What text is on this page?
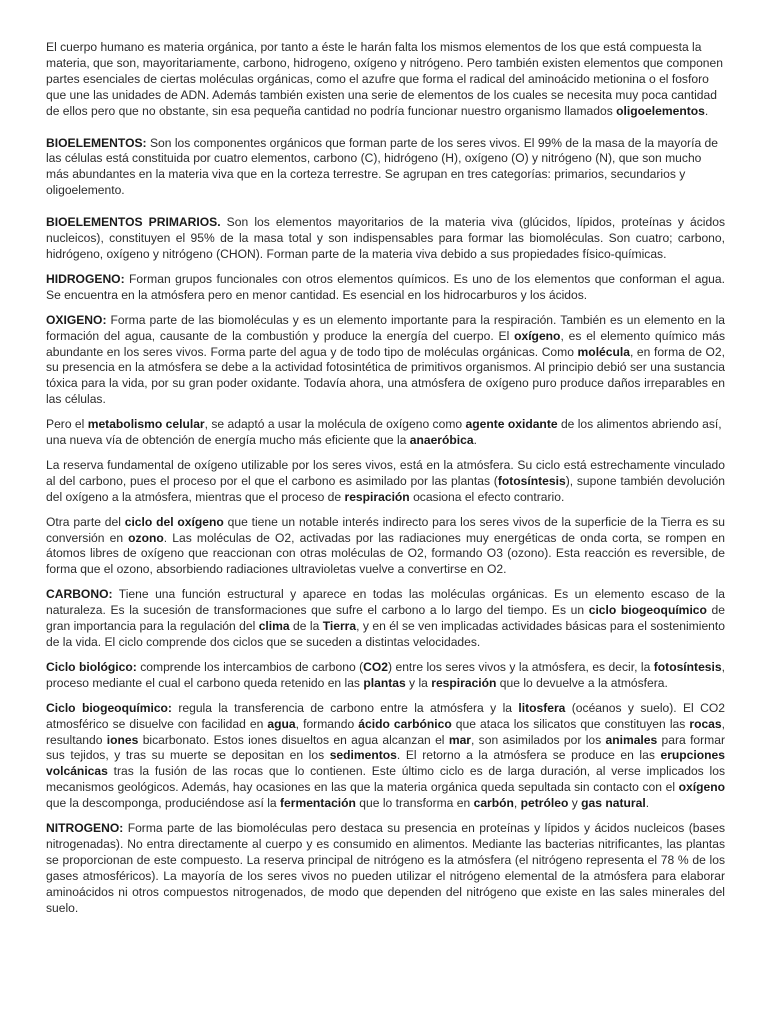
El cuerpo humano es materia orgánica, por tanto a éste le harán falta los mismos elementos de los que está compuesta la materia, que son, mayoritariamente, carbono, hidrogeno, oxígeno y nitrógeno. Pero también existen elementos que componen partes esenciales de ciertas moléculas orgánicas, como el azufre que forma el radical del aminoácido metionina o el fosforo que une las unidades de ADN. Además también existen una serie de elementos de los cuales se necesita muy poca cantidad de ellos pero que no obstante, sin esa pequeña cantidad no podría funcionar nuestro organismo llamados oligoelementos.

BIOELEMENTOS: Son los componentes orgánicos que forman parte de los seres vivos. El 99% de la masa de la mayoría de las células está constituida por cuatro elementos, carbono (C), hidrógeno (H), oxígeno (O) y nitrógeno (N), que son mucho más abundantes en la materia viva que en la corteza terrestre. Se agrupan en tres categorías: primarios, secundarios y oligoelemento.

BIOELEMENTOS PRIMARIOS. Son los elementos mayoritarios de la materia viva (glúcidos, lípidos, proteínas y ácidos nucleicos), constituyen el 95% de la masa total y son indispensables para formar las biomoléculas. Son cuatro; carbono, hidrógeno, oxígeno y nitrógeno (CHON). Forman parte de la materia viva debido a sus propiedades físico-químicas.

HIDROGENO: Forman grupos funcionales con otros elementos químicos. Es uno de los elementos que conforman el agua. Se encuentra en la atmósfera pero en menor cantidad. Es esencial en los hidrocarburos y los ácidos.

OXIGENO: Forma parte de las biomoléculas y es un elemento importante para la respiración. También es un elemento en la formación del agua, causante de la combustión y produce la energía del cuerpo. El oxígeno, es el elemento químico más abundante en los seres vivos. Forma parte del agua y de todo tipo de moléculas orgánicas. Como molécula, en forma de O2, su presencia en la atmósfera se debe a la actividad fotosintética de primitivos organismos. Al principio debió ser una sustancia tóxica para la vida, por su gran poder oxidante. Todavía ahora, una atmósfera de oxígeno puro produce daños irreparables en las células.

Pero el metabolismo celular, se adaptó a usar la molécula de oxígeno como agente oxidante de los alimentos abriendo así, una nueva vía de obtención de energía mucho más eficiente que la anaeróbica.

La reserva fundamental de oxígeno utilizable por los seres vivos, está en la atmósfera. Su ciclo está estrechamente vinculado al del carbono, pues el proceso por el que el carbono es asimilado por las plantas (fotosíntesis), supone también devolución del oxígeno a la atmósfera, mientras que el proceso de respiración ocasiona el efecto contrario.

Otra parte del ciclo del oxígeno que tiene un notable interés indirecto para los seres vivos de la superficie de la Tierra es su conversión en ozono. Las moléculas de O2, activadas por las radiaciones muy energéticas de onda corta, se rompen en átomos libres de oxígeno que reaccionan con otras moléculas de O2, formando O3 (ozono). Esta reacción es reversible, de forma que el ozono, absorbiendo radiaciones ultravioletas vuelve a convertirse en O2.

CARBONO: Tiene una función estructural y aparece en todas las moléculas orgánicas. Es un elemento escaso de la naturaleza. Es la sucesión de transformaciones que sufre el carbono a lo largo del tiempo. Es un ciclo biogeoquímico de gran importancia para la regulación del clima de la Tierra, y en él se ven implicadas actividades básicas para el sostenimiento de la vida. El ciclo comprende dos ciclos que se suceden a distintas velocidades.

Ciclo biológico: comprende los intercambios de carbono (CO2) entre los seres vivos y la atmósfera, es decir, la fotosíntesis, proceso mediante el cual el carbono queda retenido en las plantas y la respiración que lo devuelve a la atmósfera.

Ciclo biogeoquímico: regula la transferencia de carbono entre la atmósfera y la litosfera (océanos y suelo). El CO2 atmosférico se disuelve con facilidad en agua, formando ácido carbónico que ataca los silicatos que constituyen las rocas, resultando iones bicarbonato. Estos iones disueltos en agua alcanzan el mar, son asimilados por los animales para formar sus tejidos, y tras su muerte se depositan en los sedimentos. El retorno a la atmósfera se produce en las erupciones volcánicas tras la fusión de las rocas que lo contienen. Este último ciclo es de larga duración, al verse implicados los mecanismos geológicos. Además, hay ocasiones en las que la materia orgánica queda sepultada sin contacto con el oxígeno que la descomponga, produciéndose así la fermentación que lo transforma en carbón, petróleo y gas natural.

NITROGENO: Forma parte de las biomoléculas pero destaca su presencia en proteínas y lípidos y ácidos nucleicos (bases nitrogenadas). No entra directamente al cuerpo y es consumido en alimentos. Mediante las bacterias nitrificantes, las plantas se proporcionan de este compuesto. La reserva principal de nitrógeno es la atmósfera (el nitrógeno representa el 78 % de los gases atmosféricos). La mayoría de los seres vivos no pueden utilizar el nitrógeno elemental de la atmósfera para elaborar aminoácidos ni otros compuestos nitrogenados, de modo que dependen del nitrógeno que existe en las sales minerales del suelo.
